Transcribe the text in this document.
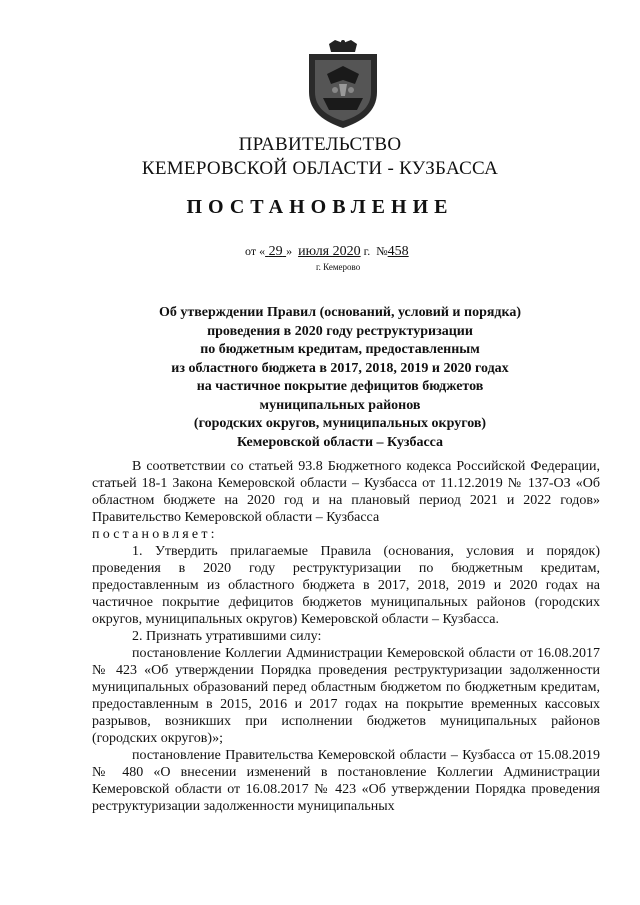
ПРАВИТЕЛЬСТВО
КЕМЕРОВСКОЙ ОБЛАСТИ - КУЗБАССА
ПОСТАНОВЛЕНИЕ
от « 29 » июля 2020 г. №458
г. Кемерово
Об утверждении Правил (оснований, условий и порядка)
проведения в 2020 году реструктуризации
по бюджетным кредитам, предоставленным
из областного бюджета в 2017, 2018, 2019 и 2020 годах
на частичное покрытие дефицитов бюджетов
муниципальных районов
(городских округов, муниципальных округов)
Кемеровской области – Кузбасса

В соответствии со статьей 93.8 Бюджетного кодекса Российской Федерации, статьей 18-1 Закона Кемеровской области – Кузбасса от 11.12.2019 № 137-ОЗ «Об областном бюджете на 2020 год и на плановый период 2021 и 2022 годов» Правительство Кемеровской области – Кузбасса

постановляет:

1. Утвердить прилагаемые Правила (основания, условия и порядок) проведения в 2020 году реструктуризации по бюджетным кредитам, предоставленным из областного бюджета в 2017, 2018, 2019 и 2020 годах на частичное покрытие дефицитов бюджетов муниципальных районов (городских округов, муниципальных округов) Кемеровской области – Кузбасса.

2. Признать утратившими силу:

постановление Коллегии Администрации Кемеровской области от 16.08.2017 № 423 «Об утверждении Порядка проведения реструктуризации задолженности муниципальных образований перед областным бюджетом по бюджетным кредитам, предоставленным в 2015, 2016 и 2017 годах на покрытие временных кассовых разрывов, возникших при исполнении бюджетов муниципальных районов (городских округов)»;

постановление Правительства Кемеровской области – Кузбасса от 15.08.2019 № 480 «О внесении изменений в постановление Коллегии Администрации Кемеровской области от 16.08.2017 № 423 «Об утверждении Порядка проведения реструктуризации задолженности муниципальных
